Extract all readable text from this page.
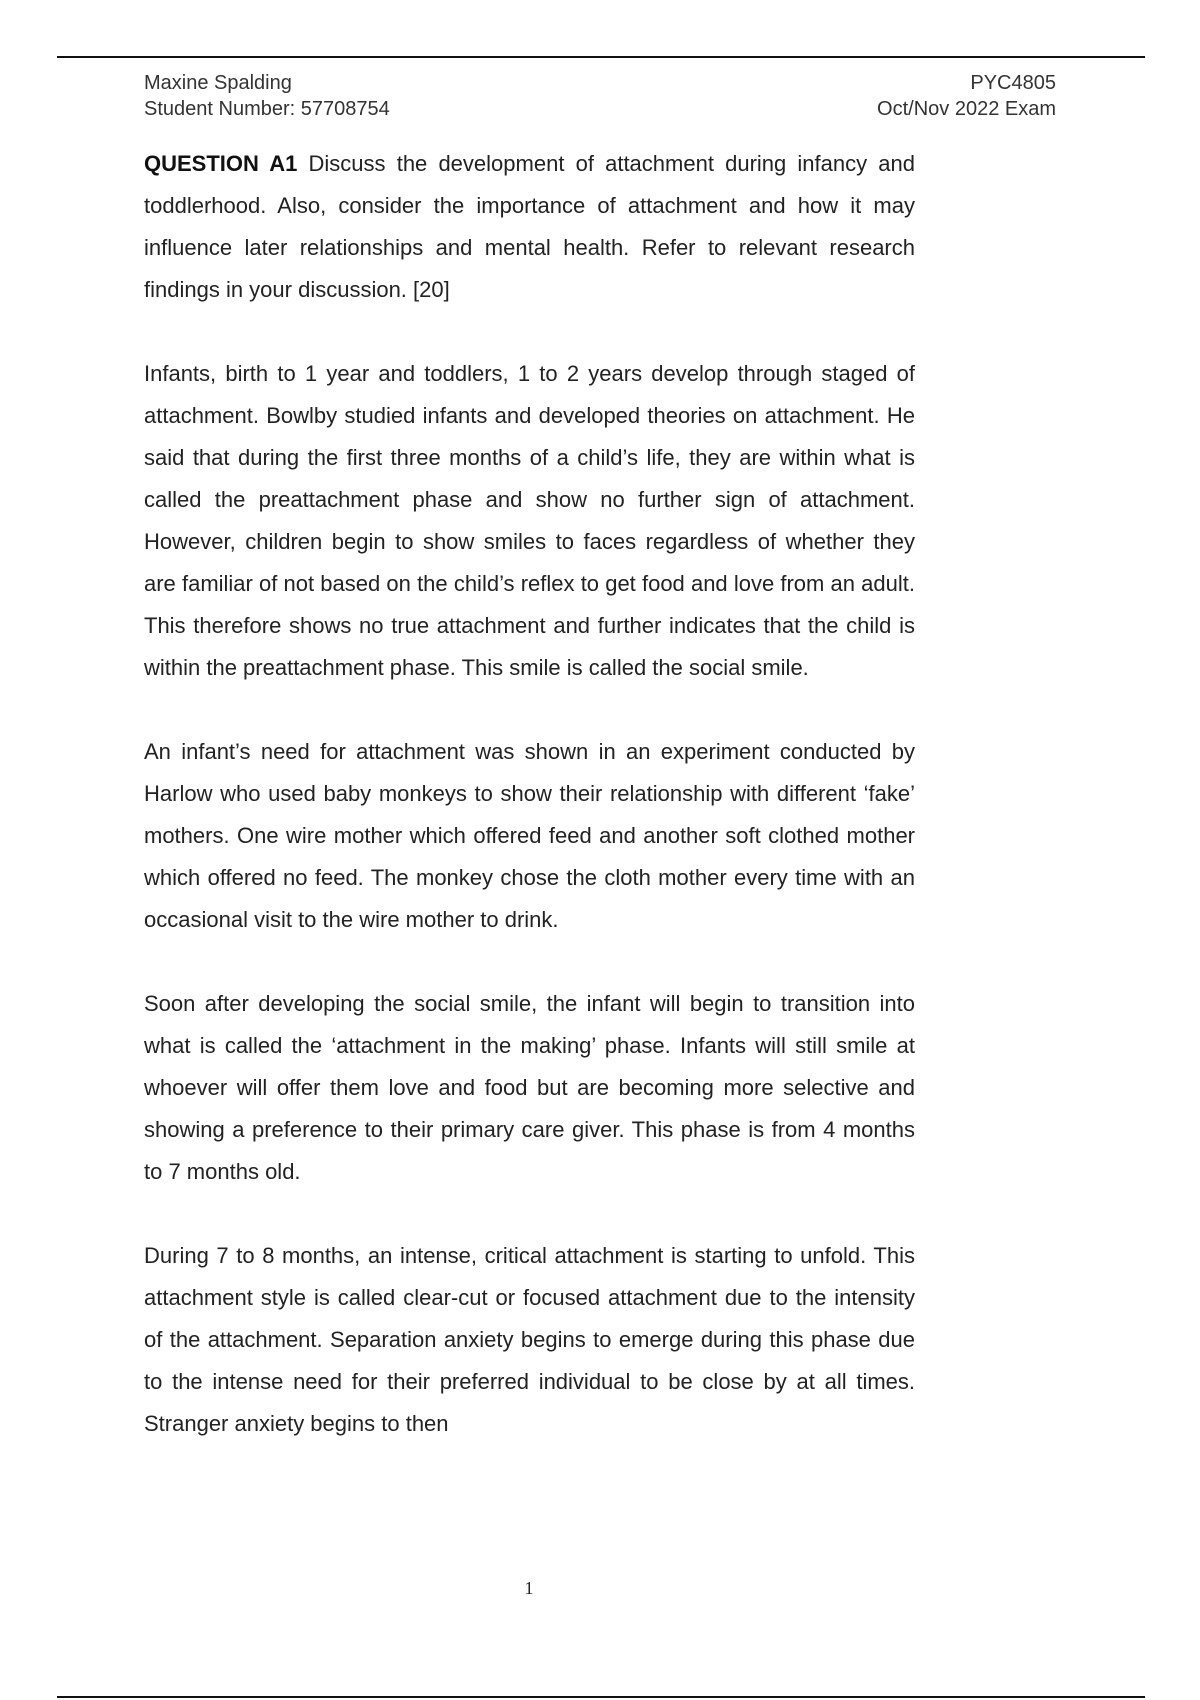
Maxine Spalding
Student Number: 57708754
PYC4805
Oct/Nov 2022 Exam

QUESTION A1 Discuss the development of attachment during infancy and toddlerhood. Also, consider the importance of attachment and how it may influence later relationships and mental health. Refer to relevant research findings in your discussion. [20]

Infants, birth to 1 year and toddlers, 1 to 2 years develop through staged of attachment. Bowlby studied infants and developed theories on attachment. He said that during the first three months of a child’s life, they are within what is called the preattachment phase and show no further sign of attachment. However, children begin to show smiles to faces regardless of whether they are familiar of not based on the child’s reflex to get food and love from an adult. This therefore shows no true attachment and further indicates that the child is within the preattachment phase. This smile is called the social smile.

An infant’s need for attachment was shown in an experiment conducted by Harlow who used baby monkeys to show their relationship with different ‘fake’ mothers. One wire mother which offered feed and another soft clothed mother which offered no feed. The monkey chose the cloth mother every time with an occasional visit to the wire mother to drink.

Soon after developing the social smile, the infant will begin to transition into what is called the ‘attachment in the making’ phase. Infants will still smile at whoever will offer them love and food but are becoming more selective and showing a preference to their primary care giver. This phase is from 4 months to 7 months old.

During 7 to 8 months, an intense, critical attachment is starting to unfold. This attachment style is called clear-cut or focused attachment due to the intensity of the attachment. Separation anxiety begins to emerge during this phase due to the intense need for their preferred individual to be close by at all times. Stranger anxiety begins to then

1
